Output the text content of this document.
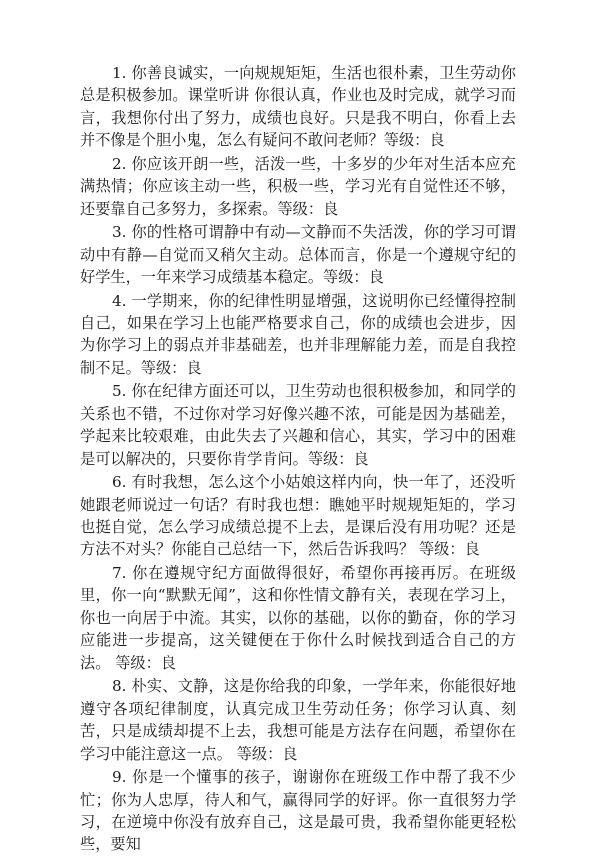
1. 你善良诚实，一向规规矩矩，生活也很朴素，卫生劳动你总是积极参加。课堂听讲 你很认真，作业也及时完成，就学习而言，我想你付出了努力，成绩也良好。只是我不明白，你看上去并不像是个胆小鬼，怎么有疑问不敢问老师？等级：良

2. 你应该开朗一些，活泼一些，十多岁的少年对生活本应充满热情；你应该主动一些，积极一些，学习光有自觉性还不够，还要靠自己多努力，多探索。等级：良

3. 你的性格可谓静中有动—文静而不失活泼，你的学习可谓动中有静—自觉而又稍欠主动。总体而言，你是一个遵规守纪的好学生，一年来学习成绩基本稳定。等级：良

4. 一学期来，你的纪律性明显增强，这说明你已经懂得控制自己，如果在学习上也能严格要求自己，你的成绩也会进步，因为你学习上的弱点并非基础差，也并非理解能力差，而是自我控制不足。等级：良

5. 你在纪律方面还可以，卫生劳动也很积极参加，和同学的关系也不错，不过你对学习好像兴趣不浓，可能是因为基础差，学起来比较艰难，由此失去了兴趣和信心，其实，学习中的困难是可以解决的，只要你肯学肯问。等级：良

6. 有时我想，怎么这个小姑娘这样内向，快一年了，还没听她跟老师说过一句话？有时我也想：瞧她平时规规矩矩的，学习也挺自觉，怎么学习成绩总提不上去，是课后没有用功呢？还是方法不对头？你能自己总结一下，然后告诉我吗？ 等级：良

7. 你在遵规守纪方面做得很好，希望你再接再厉。在班级里，你一向“默默无闻”，这和你性情文静有关，表现在学习上，你也一向居于中流。其实，以你的基础，以你的勤奋，你的学习应能进一步提高，这关键便在于你什么时候找到适合自己的方法。 等级：良

8. 朴实、文静，这是你给我的印象，一学年来，你能很好地遵守各项纪律制度，认真完成卫生劳动任务；你学习认真、刻苦，只是成绩却提不上去，我想可能是方法存在问题，希望你在学习中能注意这一点。 等级：良

9. 你是一个懂事的孩子，谢谢你在班级工作中帮了我不少忙；你为人忠厚，待人和气，赢得同学的好评。你一直很努力学习，在逆境中你没有放弃自己，这是最可贵，我希望你能更轻松些，要知
